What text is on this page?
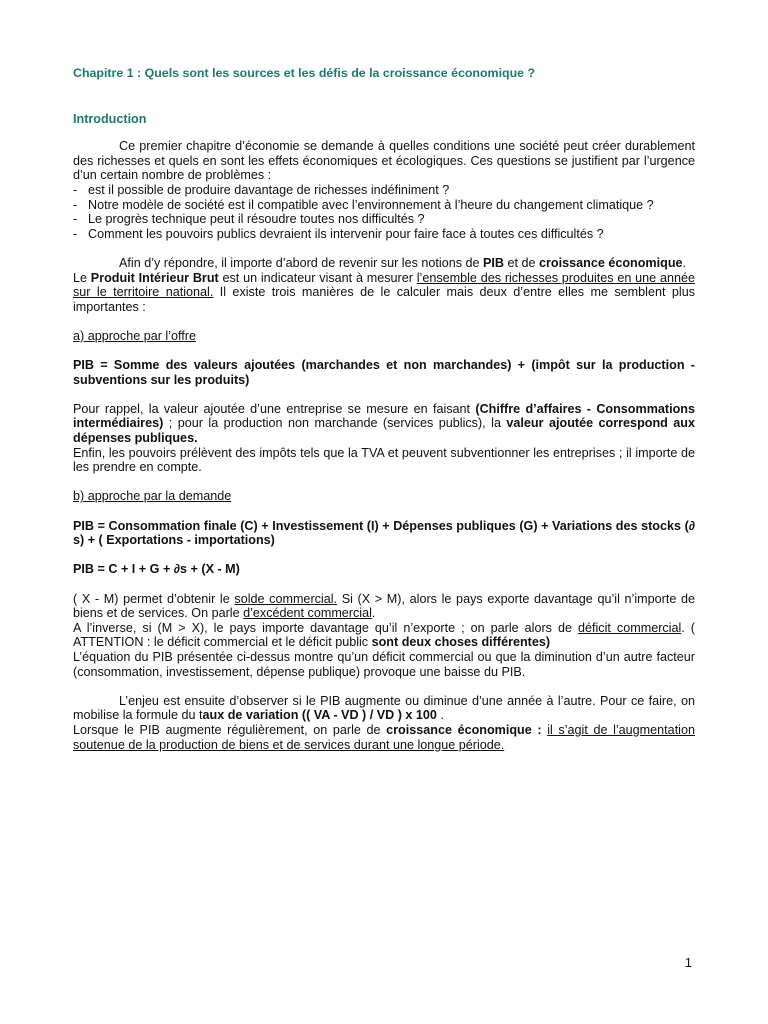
Chapitre 1 : Quels sont les sources et les défis de la croissance économique ?
Introduction

Ce premier chapitre d’économie se demande à quelles conditions une société peut créer durablement des richesses et quels en sont les effets économiques et écologiques. Ces questions se justifient par l’urgence d’un certain nombre de problèmes :

- est il possible de produire davantage de richesses indéfiniment ?
- Notre modèle de société est il compatible avec l’environnement à l’heure du changement climatique ?
- Le progrès technique peut il résoudre toutes nos difficultés ?
- Comment les pouvoirs publics devraient ils intervenir pour faire face à toutes ces difficultés ?

Afin d’y répondre, il importe d’abord de revenir sur les notions de PIB et de croissance économique.

Le Produit Intérieur Brut est un indicateur visant à mesurer l’ensemble des richesses produites en une année sur le territoire national. Il existe trois manières de le calculer mais deux d’entre elles me semblent plus importantes :

a) approche par l’offre

PIB = Somme des valeurs ajoutées (marchandes et non marchandes) + (impôt sur la production - subventions sur les produits)

Pour rappel, la valeur ajoutée d’une entreprise se mesure en faisant (Chiffre d’affaires - Consommations intermédiaires) ; pour la production non marchande (services publics), la valeur ajoutée correspond aux dépenses publiques.

Enfin, les pouvoirs prélèvent des impôts tels que la TVA et peuvent subventionner les entreprises ; il importe de les prendre en compte.

b) approche par la demande

PIB = Consommation finale (C) + Investissement (I) + Dépenses publiques (G) + Variations des stocks (∂ s) + ( Exportations - importations)

PIB = C + I + G + ∂s + (X - M)

( X - M) permet d’obtenir le solde commercial. Si (X > M), alors le pays exporte davantage qu’il n’importe de biens et de services. On parle d’excédent commercial.

A l’inverse, si (M > X), le pays importe davantage qu’il n’exporte ; on parle alors de déficit commercial. ( ATTENTION : le déficit commercial et le déficit public sont deux choses différentes)

L’équation du PIB présentée ci-dessus montre qu’un déficit commercial ou que la diminution d’un autre facteur (consommation, investissement, dépense publique) provoque une baisse du PIB.

L’enjeu est ensuite d’observer si le PIB augmente ou diminue d’une année à l’autre. Pour ce faire, on mobilise la formule du taux de variation (( VA - VD ) / VD ) x 100 .

Lorsque le PIB augmente régulièrement, on parle de croissance économique : il s’agit de l’augmentation soutenue de la production de biens et de services durant une longue période.

1
